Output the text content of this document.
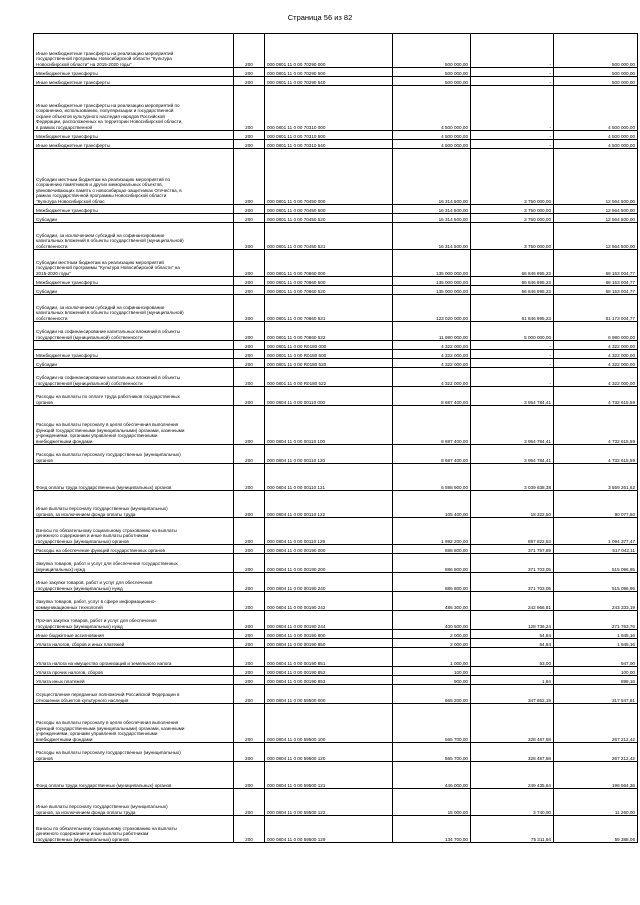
Страница 56 из 82
Иные межбюджетные трансферты на реализацию мероприятий
государственной программы Новосибирской области "Культура
Новосибирской области" на 2015-2020 годы"	200	000 0801 11 0 00 70290 000	500 000,00	-	500 000,00
Межбюджетные трансферты	200	000 0801 11 0 00 70290 500	500 000,00	-	500 000,00
Иные межбюджетные трансферты	200	000 0801 11 0 00 70290 540	500 000,00	-	500 000,00
Иные межбюджетные трансферты на реализацию мероприятий по
сохранению, использованию, популяризации и государственной
охране объектов культурного наследия народов Российской
Федерации, расположенных на территории Новосибирской области,
в рамках государственной	200	000 0801 11 0 00 70310 000	4 500 000,00	-	4 500 000,00
Межбюджетные трансферты	200	000 0801 11 0 00 70310 500	4 500 000,00	-	4 500 000,00
Иные межбюджетные трансферты	200	000 0801 11 0 00 70310 540	4 500 000,00	-	4 500 000,00
Субсидии местным бюджетам на реализацию мероприятий по
сохранению памятников и других мемориальных объектов,
увековечивающих память о новосибирцах-защитниках Отечества, в
рамках государственной программы Новосибирской области
"Культура Новосибирской облас	200	000 0801 11 0 00 70450 000	16 314 500,00	3 750 000,00	12 564 500,00
Межбюджетные трансферты	200	000 0801 11 0 00 70450 500	16 314 500,00	3 750 000,00	12 564 500,00
Субсидии	200	000 0801 11 0 00 70450 520	16 314 500,00	3 750 000,00	12 564 500,00
Субсидии, за исключением субсидий на софинансирование
капитальных вложений в объекты государственной (муниципальной)
собственности	200	000 0801 11 0 00 70450 521	16 314 500,00	3 750 000,00	12 564 500,00
Субсидии местным бюджетам на реализацию мероприятий
государственной программы "Культура Новосибирской области" на
2015-2020 годы"	200	000 0801 11 0 00 70660 000	135 000 000,00	66 846 995,23	68 153 004,77
Межбюджетные трансферты	200	000 0801 11 0 00 70660 500	135 000 000,00	66 846 995,23	68 153 004,77
Субсидии	200	000 0801 11 0 00 70660 520	135 000 000,00	66 846 995,23	68 153 004,77
Субсидии, за исключением субсидий на софинансирование
капитальных вложений в объекты государственной (муниципальной)
собственности	200	000 0801 11 0 00 70660 521	123 020 000,00	61 846 995,23	61 173 004,77
Субсидии на софинансирование капитальных вложений в объекты
государственной (муниципальной) собственности	200	000 0801 11 0 00 70660 522	11 980 000,00	5 000 000,00	6 980 000,00
	200	000 0801 11 0 00 R0180 000	4 322 000,00	-	4 322 000,00
Межбюджетные трансферты	200	000 0801 11 0 00 R0180 500	4 322 000,00	-	4 322 000,00
Субсидии	200	000 0801 11 0 00 R0180 520	4 322 000,00	-	4 322 000,00
Субсидии на софинансирование капитальных вложений в объекты
государственной (муниципальной) собственности	200	000 0801 11 0 00 R0180 522	4 322 000,00	-	4 322 000,00
Расходы на выплаты по оплате труда работников государственных
органов	200	000 0804 11 0 00 00110 000	8 687 400,00	3 954 784,41	4 732 615,59
Расходы на выплаты персоналу в целях обеспечения выполнения
функций государственными (муниципальными) органами, казенными
учреждениями, органами управления государственными
внебюджетными фондами	200	000 0804 11 0 00 00110 100	8 687 400,00	3 954 784,41	4 732 615,59
Расходы на выплаты персоналу государственных (муниципальных)
органов	200	000 0804 11 0 00 00110 120	8 687 400,00	3 954 784,41	4 732 615,59
Фонд оплаты труда государственных (муниципальных) органов	200	000 0804 11 0 00 00110 121	6 598 900,00	3 039 638,38	3 559 261,62
Иные выплаты персоналу государственных (муниципальных)
органов, за исключением фонда оплаты труда	200	000 0804 11 0 00 00110 122	105 400,00	18 322,50	90 077,50
Взносы по обязательному социальному страхованию на выплаты
денежного содержания и иные выплаты работникам
государственных (муниципальных) органов	200	000 0804 11 0 00 00110 129	1 992 200,00	897 822,53	1 094 377,47
Расходы на обеспечение функций государственных органов	200	000 0804 11 0 00 00190 000	888 800,00	371 757,89	517 042,11
Закупка товаров, работ и услуг для обеспечения государственных
(муниципальных) нужд	200	000 0804 11 0 00 00190 200	886 800,00	371 703,05	515 096,95
Иные закупки товаров, работ и услуг для обеспечения
государственных (муниципальных) нужд	200	000 0804 11 0 00 00190 240	886 800,00	371 703,05	515 096,95
Закупка товаров, работ, услуг в сфере информационно-
коммуникационных технологий	200	000 0804 11 0 00 00190 242	486 300,00	242 966,81	243 333,19
Прочая закупка товаров, работ и услуг для обеспечения
государственных (муниципальных) нужд	200	000 0804 11 0 00 00190 244	400 500,00	128 736,24	271 763,76
Иные бюджетные ассигнования	200	000 0804 11 0 00 00190 800	2 000,00	54,84	1 945,16
Уплата налогов, сборов и иных платежей	200	000 0804 11 0 00 00190 850	2 000,00	54,84	1 945,16
Уплата налога на имущество организаций и земельного налога	200	000 0804 11 0 00 00190 851	1 000,00	53,00	947,00
Уплата прочих налогов, сборов	200	000 0804 11 0 00 00190 852	100,00	-	100,00
Уплата иных платежей	200	000 0804 11 0 00 00190 853	900,00	1,84	898,16
Осуществление переданных полномочий Российской Федерации в
отношении объектов культурного наследия	200	000 0804 11 0 00 59500 000	665 200,00	347 652,19	317 547,81
Расходы на выплаты персоналу в целях обеспечения выполнения
функций государственными (муниципальными) органами, казенными
учреждениями, органами управления государственными
внебюджетными фондами	200	000 0804 11 0 00 59500 100	565 700,00	328 487,58	267 212,42
Расходы на выплаты персоналу государственных (муниципальных)
органов	200	000 0804 11 0 00 59500 120	565 700,00	328 487,58	267 212,42
Фонд оплаты труда государственных (муниципальных) органов	200	000 0804 11 0 00 59500 121	446 000,00	249 435,64	196 564,36
Иные выплаты персоналу государственных (муниципальных)
органов, за исключением фонда оплаты труда	200	000 0804 11 0 00 59500 122	15 000,00	3 740,00	11 260,00
Взносы по обязательному социальному страхованию на выплаты
денежного содержания и иные выплаты работникам
государственных (муниципальных) органов	200	000 0804 11 0 00 59500 129	134 700,00	75 311,94	59 388,06
